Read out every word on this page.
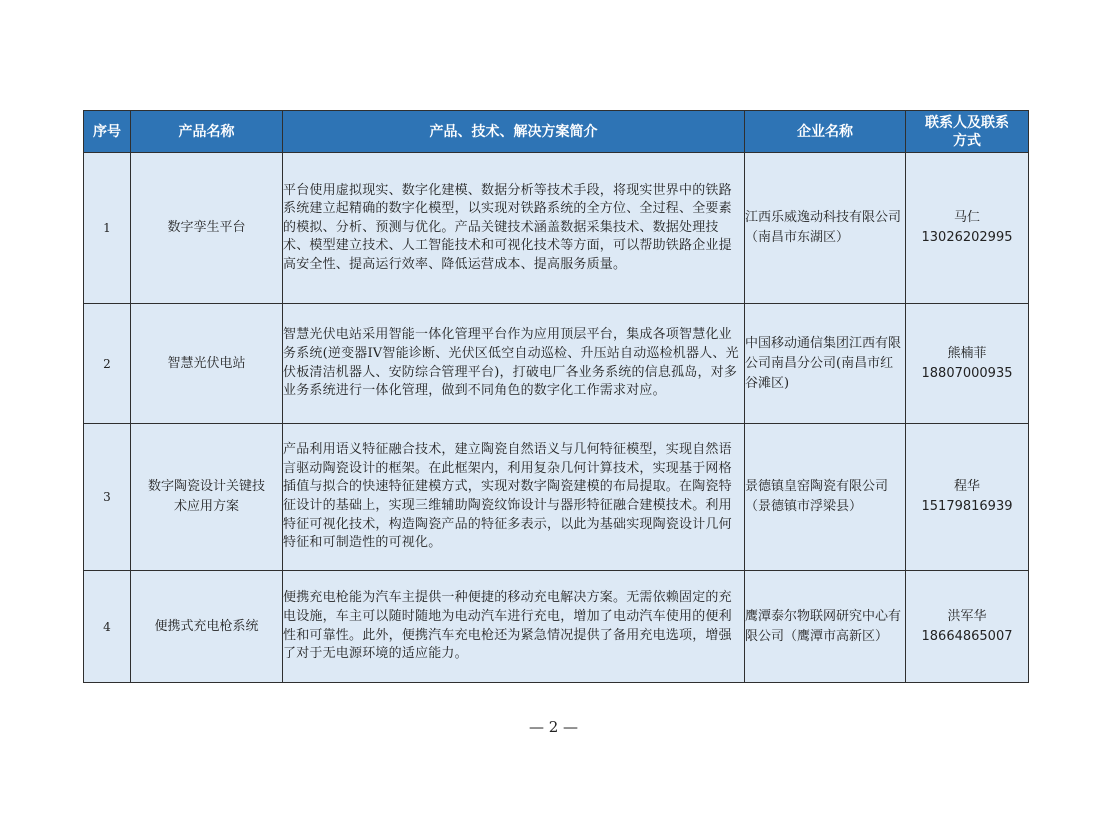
序号	产品名称	产品、技术、解决方案简介	企业名称	联系人及联系方式
1	数字孪生平台	平台使用虚拟现实、数字化建模、数据分析等技术手段，将现实世界中的铁路系统建立起精确的数字化模型，以实现对铁路系统的全方位、全过程、全要素的模拟、分析、预测与优化。产品关键技术涵盖数据采集技术、数据处理技术、模型建立技术、人工智能技术和可视化技术等方面，可以帮助铁路企业提高安全性、提高运行效率、降低运营成本、提高服务质量。	江西乐威逸动科技有限公司（南昌市东湖区）	马仁
13026202995

2	智慧光伏电站	智慧光伏电站采用智能一体化管理平台作为应用顶层平台，集成各项智慧化业务系统(逆变器IV智能诊断、光伏区低空自动巡检、升压站自动巡检机器人、光伏板清洁机器人、安防综合管理平台)，打破电厂各业务系统的信息孤岛，对多业务系统进行一体化管理，做到不同角色的数字化工作需求对应。	中国移动通信集团江西有限公司南昌分公司(南昌市红谷滩区)	熊楠菲
18807000935

3	数字陶瓷设计关键技术应用方案	产品利用语义特征融合技术，建立陶瓷自然语义与几何特征模型，实现自然语言驱动陶瓷设计的框架。在此框架内，利用复杂几何计算技术，实现基于网格插值与拟合的快速特征建模方式，实现对数字陶瓷建模的布局提取。在陶瓷特征设计的基础上，实现三维辅助陶瓷纹饰设计与器形特征融合建模技术。利用特征可视化技术，构造陶瓷产品的特征多表示，以此为基础实现陶瓷设计几何特征和可制造性的可视化。	景德镇皇窑陶瓷有限公司（景德镇市浮梁县）	程华
15179816939

4	便携式充电枪系统	便携充电枪能为汽车主提供一种便捷的移动充电解决方案。无需依赖固定的充电设施，车主可以随时随地为电动汽车进行充电，增加了电动汽车使用的便利性和可靠性。此外，便携汽车充电枪还为紧急情况提供了备用充电选项，增强了对于无电源环境的适应能力。	鹰潭泰尔物联网研究中心有限公司（鹰潭市高新区）	洪军华
18664865007
— 2 —
